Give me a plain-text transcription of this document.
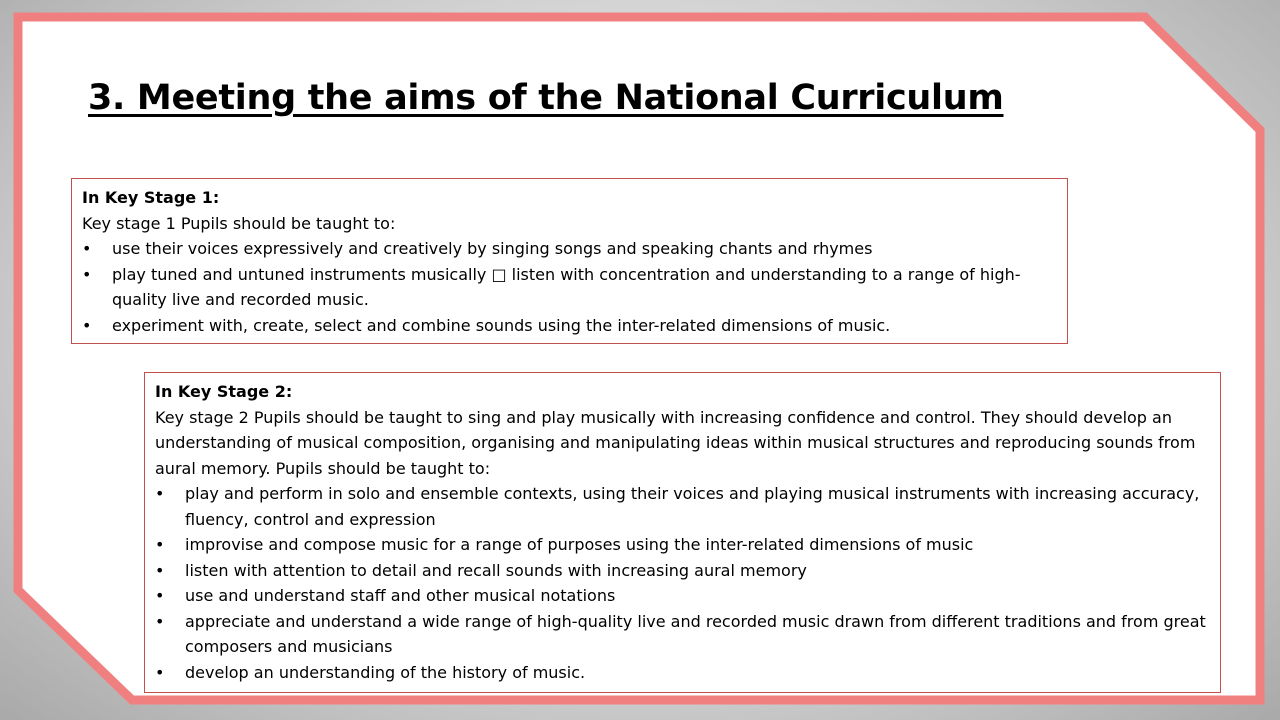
3. Meeting the aims of the National Curriculum

In Key Stage 1:

Key stage 1 Pupils should be taught to:

• use their voices expressively and creatively by singing songs and speaking chants and rhymes
• play tuned and untuned instruments musically □ listen with concentration and understanding to a range of high-quality live and recorded music.
• experiment with, create, select and combine sounds using the inter-related dimensions of music.

In Key Stage 2:

Key stage 2 Pupils should be taught to sing and play musically with increasing confidence and control. They should develop an understanding of musical composition, organising and manipulating ideas within musical structures and reproducing sounds from aural memory. Pupils should be taught to:

• play and perform in solo and ensemble contexts, using their voices and playing musical instruments with increasing accuracy, fluency, control and expression
• improvise and compose music for a range of purposes using the inter-related dimensions of music
• listen with attention to detail and recall sounds with increasing aural memory
• use and understand staff and other musical notations
• appreciate and understand a wide range of high-quality live and recorded music drawn from different traditions and from great composers and musicians
• develop an understanding of the history of music.
